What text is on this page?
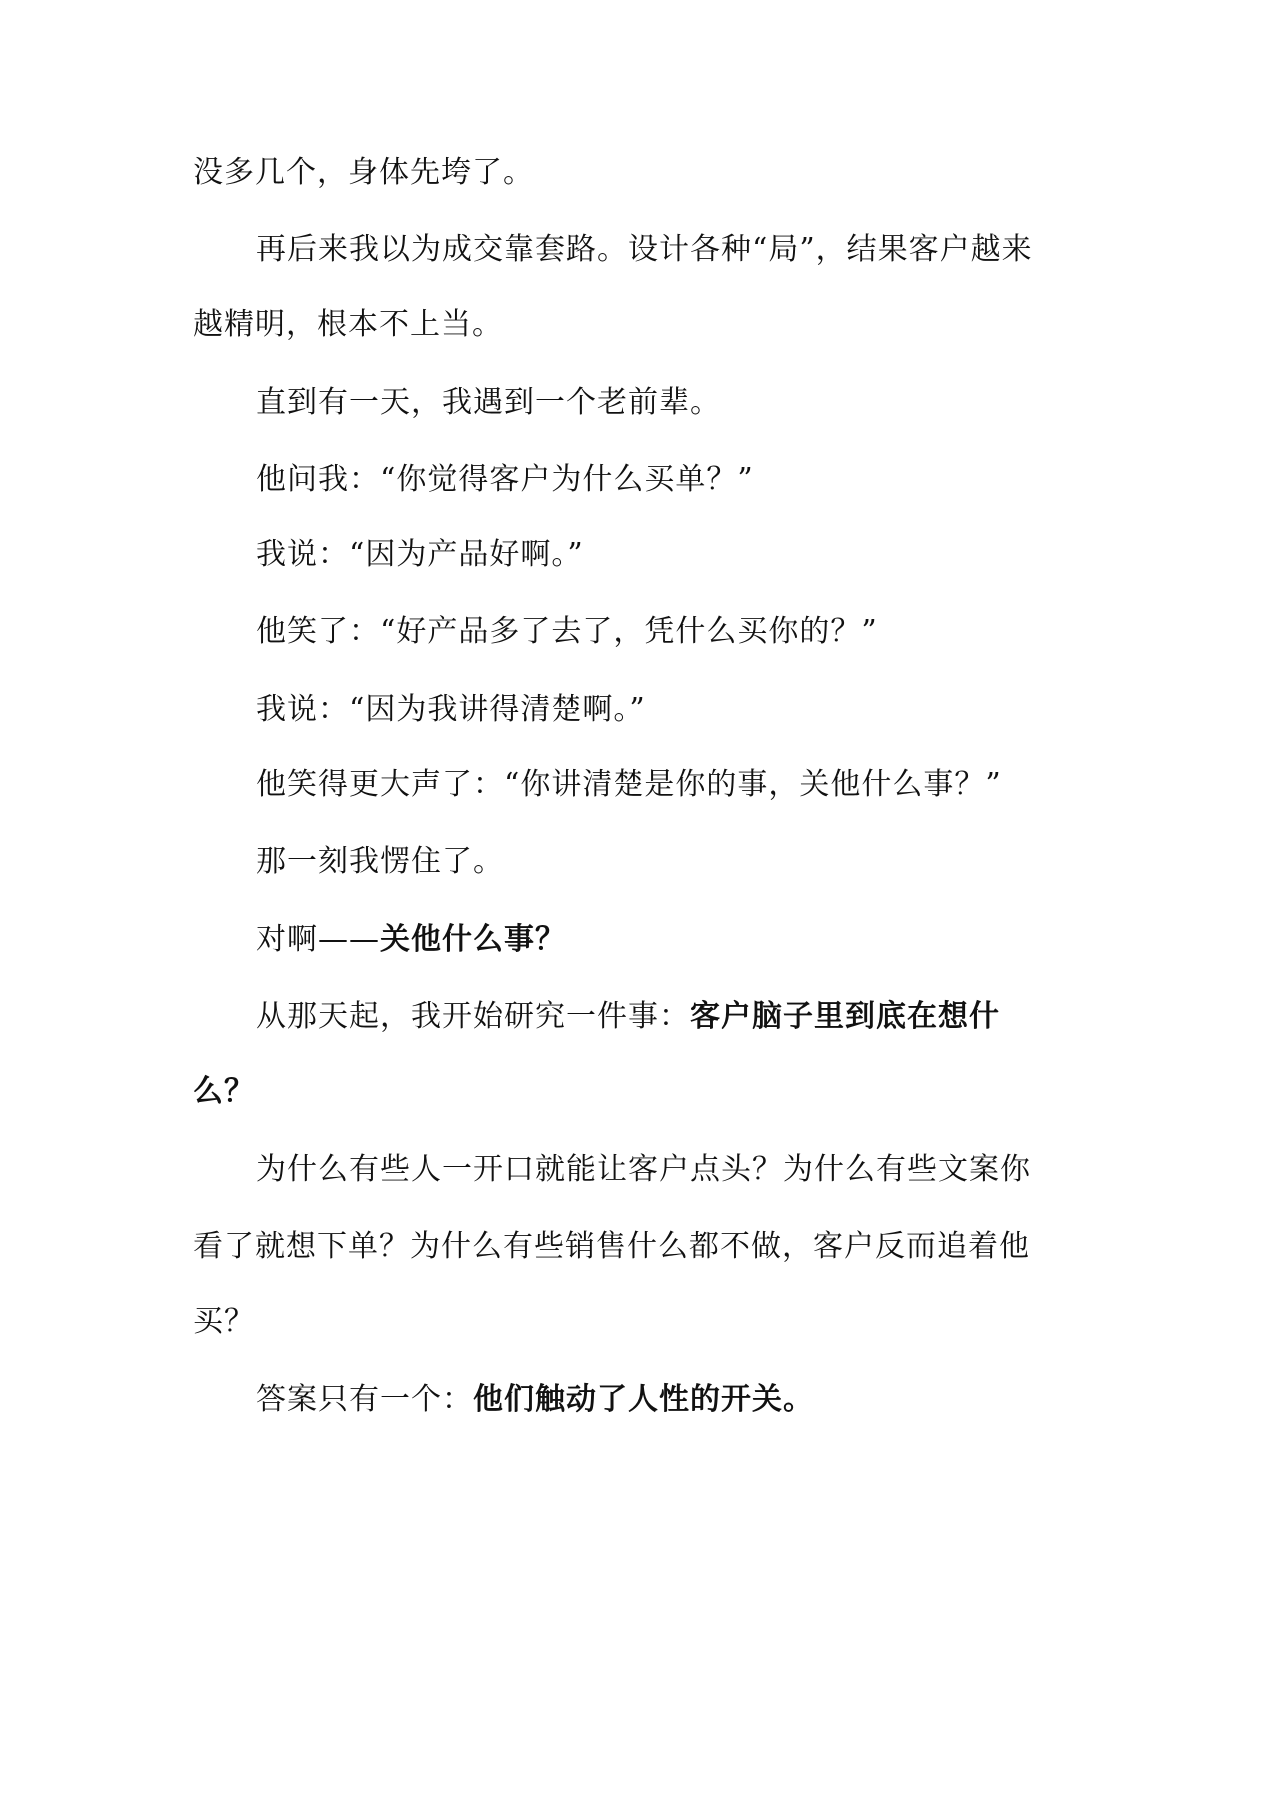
没多几个，身体先垮了。

再后来我以为成交靠套路。设计各种“局”，结果客户越来

越精明，根本不上当。

直到有一天，我遇到一个老前辈。

他问我：“你觉得客户为什么买单？”

我说：“因为产品好啊。”

他笑了：“好产品多了去了，凭什么买你的？”

我说：“因为我讲得清楚啊。”

他笑得更大声了：“你讲清楚是你的事，关他什么事？”

那一刻我愣住了。

对啊——关他什么事？

从那天起，我开始研究一件事：客户脑子里到底在想什

么？

为什么有些人一开口就能让客户点头？为什么有些文案你

看了就想下单？为什么有些销售什么都不做，客户反而追着他

买？

答案只有一个：他们触动了人性的开关。
